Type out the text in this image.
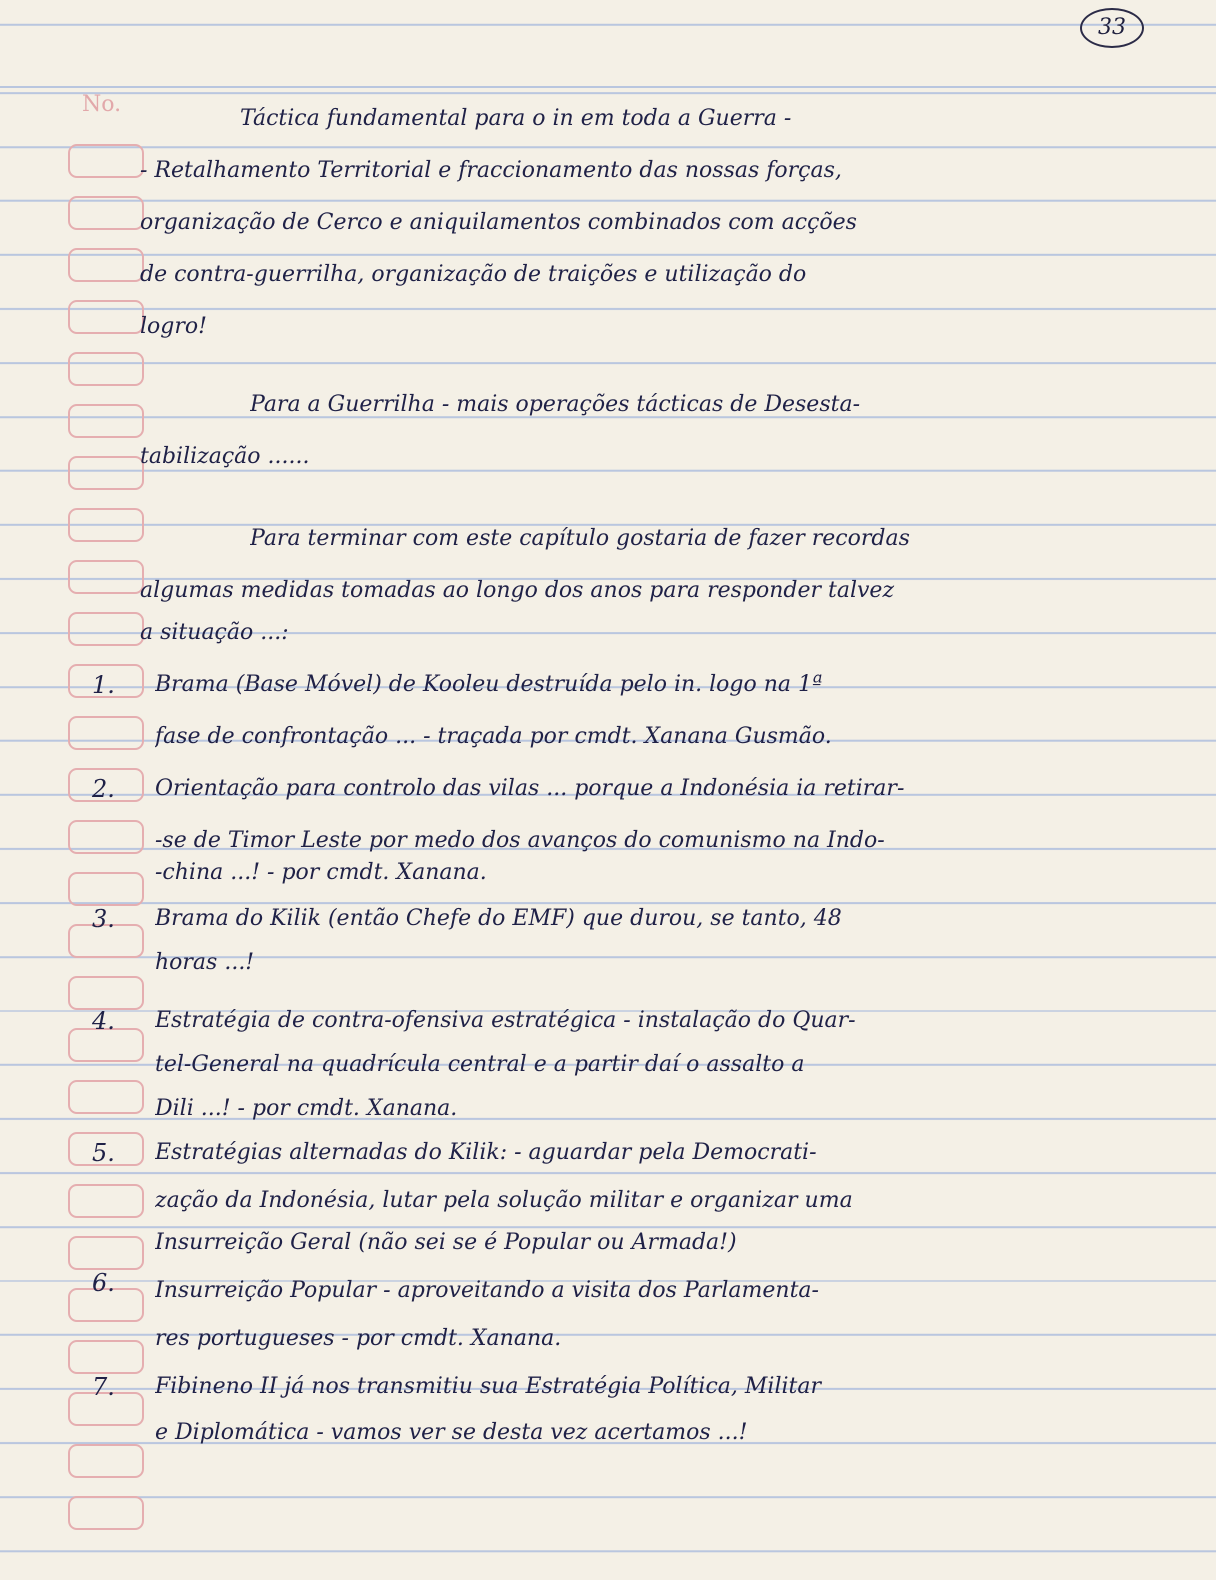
33
No.
1.
2.
3.
4.
5.
6.
7.
Táctica fundamental para o in em toda a Guerra -
- Retalhamento Territorial e fraccionamento das nossas forças,
organização de Cerco e aniquilamentos combinados com acções
de contra-guerrilha, organização de traições e utilização do
logro!
Para a Guerrilha - mais operações tácticas de Desesta-
tabilização ......
Para terminar com este capítulo gostaria de fazer recordas
algumas medidas tomadas ao longo dos anos para responder talvez
a situação ...:
Brama (Base Móvel) de Kooleu destruída pelo in. logo na 1ª
fase de confrontação ... - traçada por cmdt. Xanana Gusmão.
Orientação para controlo das vilas ... porque a Indonésia ia retirar-
-se de Timor Leste por medo dos avanços do comunismo na Indo-
-china ...! - por cmdt. Xanana.
Brama do Kilik (então Chefe do EMF) que durou, se tanto, 48
horas ...!
Estratégia de contra-ofensiva estratégica - instalação do Quar-
tel-General na quadrícula central e a partir daí o assalto a
Dili ...! - por cmdt. Xanana.
Estratégias alternadas do Kilik: - aguardar pela Democrati-
zação da Indonésia, lutar pela solução militar e organizar uma
Insurreição Geral (não sei se é Popular ou Armada!)
Insurreição Popular - aproveitando a visita dos Parlamenta-
res portugueses - por cmdt. Xanana.
Fibineno II já nos transmitiu sua Estratégia Política, Militar
e Diplomática - vamos ver se desta vez acertamos ...!
